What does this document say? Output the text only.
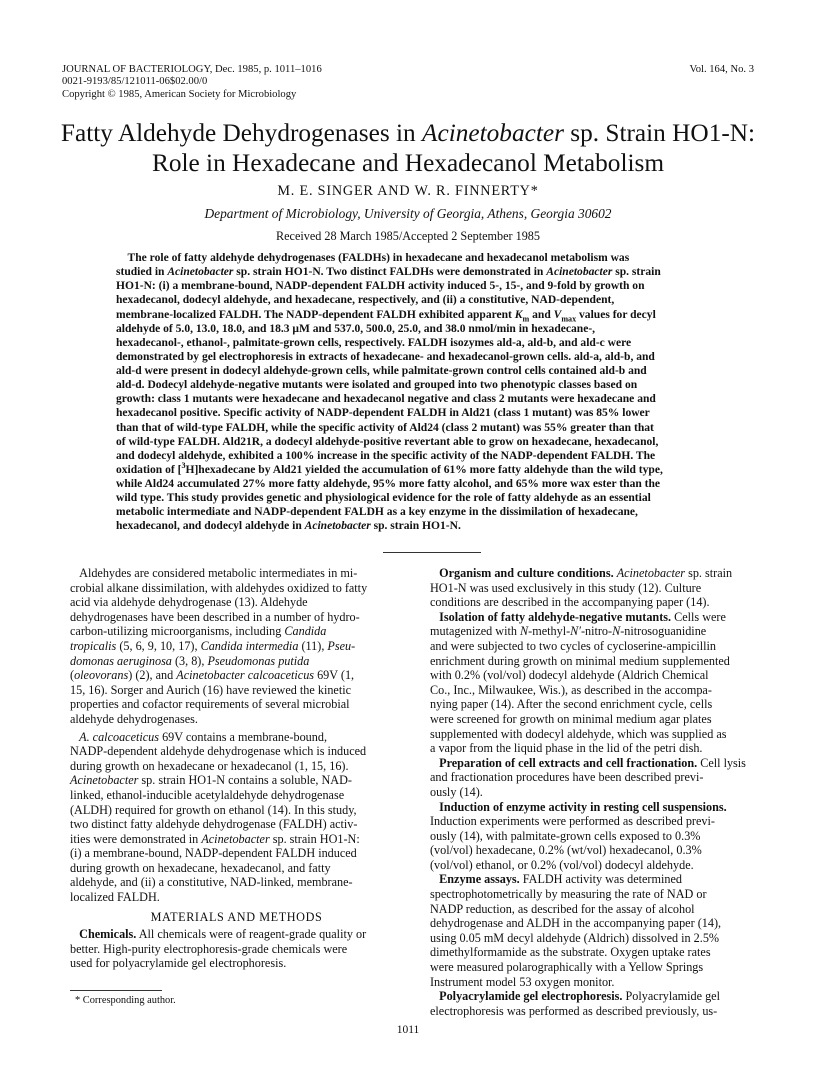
JOURNAL OF BACTERIOLOGY, Dec. 1985, p. 1011–1016
0021-9193/85/121011-06$02.00/0
Copyright © 1985, American Society for Microbiology
Vol. 164, No. 3
Fatty Aldehyde Dehydrogenases in Acinetobacter sp. Strain HO1-N:
Role in Hexadecane and Hexadecanol Metabolism
M. E. SINGER AND W. R. FINNERTY*
Department of Microbiology, University of Georgia, Athens, Georgia 30602
Received 28 March 1985/Accepted 2 September 1985
The role of fatty aldehyde dehydrogenases (FALDHs) in hexadecane and hexadecanol metabolism was
studied in Acinetobacter sp. strain HO1-N. Two distinct FALDHs were demonstrated in Acinetobacter sp. strain
HO1-N: (i) a membrane-bound, NADP-dependent FALDH activity induced 5-, 15-, and 9-fold by growth on
hexadecanol, dodecyl aldehyde, and hexadecane, respectively, and (ii) a constitutive, NAD-dependent,
membrane-localized FALDH. The NADP-dependent FALDH exhibited apparent $K_m$ and $V_{max}$ values for decyl
aldehyde of 5.0, 13.0, 18.0, and 18.3 μM and 537.0, 500.0, 25.0, and 38.0 nmol/min in hexadecane-,
hexadecanol-, ethanol-, palmitate-grown cells, respectively. FALDH isozymes ald-a, ald-b, and ald-c were
demonstrated by gel electrophoresis in extracts of hexadecane- and hexadecanol-grown cells. ald-a, ald-b, and
ald-d were present in dodecyl aldehyde-grown cells, while palmitate-grown control cells contained ald-b and
ald-d. Dodecyl aldehyde-negative mutants were isolated and grouped into two phenotypic classes based on
growth: class 1 mutants were hexadecane and hexadecanol negative and class 2 mutants were hexadecane and
hexadecanol positive. Specific activity of NADP-dependent FALDH in Ald21 (class 1 mutant) was 85% lower
than that of wild-type FALDH, while the specific activity of Ald24 (class 2 mutant) was 55% greater than that
of wild-type FALDH. Ald21R, a dodecyl aldehyde-positive revertant able to grow on hexadecane, hexadecanol,
and dodecyl aldehyde, exhibited a 100% increase in the specific activity of the NADP-dependent FALDH. The
oxidation of [$^3$H]hexadecane by Ald21 yielded the accumulation of 61% more fatty aldehyde than the wild type,
while Ald24 accumulated 27% more fatty aldehyde, 95% more fatty alcohol, and 65% more wax ester than the
wild type. This study provides genetic and physiological evidence for the role of fatty aldehyde as an essential
metabolic intermediate and NADP-dependent FALDH as a key enzyme in the dissimilation of hexadecane,
hexadecanol, and dodecyl aldehyde in Acinetobacter sp. strain HO1-N.
Aldehydes are considered metabolic intermediates in mi-
crobial alkane dissimilation, with aldehydes oxidized to fatty
acid via aldehyde dehydrogenase (13). Aldehyde
dehydrogenases have been described in a number of hydro-
carbon-utilizing microorganisms, including Candida
tropicalis (5, 6, 9, 10, 17), Candida intermedia (11), Pseu-
domonas aeruginosa (3, 8), Pseudomonas putida
(oleovorans) (2), and Acinetobacter calcoaceticus 69V (1,
15, 16). Sorger and Aurich (16) have reviewed the kinetic
properties and cofactor requirements of several microbial
aldehyde dehydrogenases.
A. calcoaceticus 69V contains a membrane-bound,
NADP-dependent aldehyde dehydrogenase which is induced
during growth on hexadecane or hexadecanol (1, 15, 16).
Acinetobacter sp. strain HO1-N contains a soluble, NAD-
linked, ethanol-inducible acetylaldehyde dehydrogenase
(ALDH) required for growth on ethanol (14). In this study,
two distinct fatty aldehyde dehydrogenase (FALDH) activ-
ities were demonstrated in Acinetobacter sp. strain HO1-N:
(i) a membrane-bound, NADP-dependent FALDH induced
during growth on hexadecane, hexadecanol, and fatty
aldehyde, and (ii) a constitutive, NAD-linked, membrane-
localized FALDH.
MATERIALS AND METHODS
Chemicals. All chemicals were of reagent-grade quality or
better. High-purity electrophoresis-grade chemicals were
used for polyacrylamide gel electrophoresis.
Organism and culture conditions. Acinetobacter sp. strain
HO1-N was used exclusively in this study (12). Culture
conditions are described in the accompanying paper (14).
Isolation of fatty aldehyde-negative mutants. Cells were
mutagenized with N-methyl-N′-nitro-N-nitrosoguanidine
and were subjected to two cycles of cycloserine-ampicillin
enrichment during growth on minimal medium supplemented
with 0.2% (vol/vol) dodecyl aldehyde (Aldrich Chemical
Co., Inc., Milwaukee, Wis.), as described in the accompa-
nying paper (14). After the second enrichment cycle, cells
were screened for growth on minimal medium agar plates
supplemented with dodecyl aldehyde, which was supplied as
a vapor from the liquid phase in the lid of the petri dish.
Preparation of cell extracts and cell fractionation. Cell lysis
and fractionation procedures have been described previ-
ously (14).
Induction of enzyme activity in resting cell suspensions.
Induction experiments were performed as described previ-
ously (14), with palmitate-grown cells exposed to 0.3%
(vol/vol) hexadecane, 0.2% (wt/vol) hexadecanol, 0.3%
(vol/vol) ethanol, or 0.2% (vol/vol) dodecyl aldehyde.
Enzyme assays. FALDH activity was determined
spectrophotometrically by measuring the rate of NAD or
NADP reduction, as described for the assay of alcohol
dehydrogenase and ALDH in the accompanying paper (14),
using 0.05 mM decyl aldehyde (Aldrich) dissolved in 2.5%
dimethylformamide as the substrate. Oxygen uptake rates
were measured polarographically with a Yellow Springs
Instrument model 53 oxygen monitor.
Polyacrylamide gel electrophoresis. Polyacrylamide gel
electrophoresis was performed as described previously, us-
* Corresponding author.
1011
